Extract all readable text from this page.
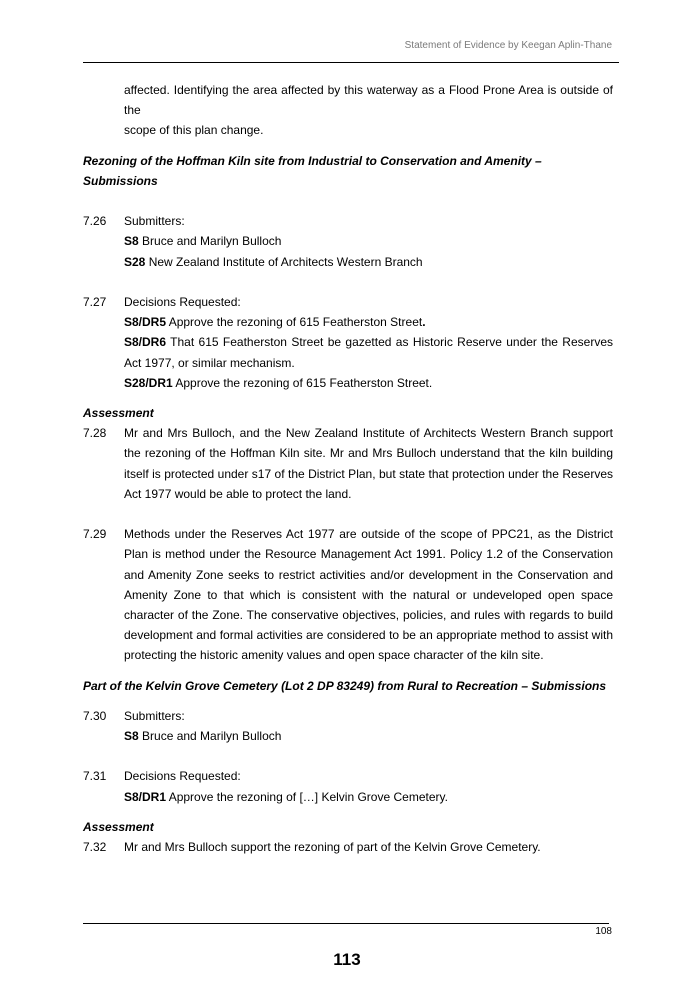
Statement of Evidence by Keegan Aplin-Thane

affected. Identifying the area affected by this waterway as a Flood Prone Area is outside of the

scope of this plan change.

Rezoning of the Hoffman Kiln site from Industrial to Conservation and Amenity – Submissions

7.26	Submitters:
S8 Bruce and Marilyn Bulloch
S28 New Zealand Institute of Architects Western Branch
7.27	Decisions Requested:
S8/DR5 Approve the rezoning of 615 Featherston Street.
S8/DR6 That 615 Featherston Street be gazetted as Historic Reserve under the Reserves Act 1977, or similar mechanism.
S28/DR1 Approve the rezoning of 615 Featherston Street.

Assessment

7.28	Mr and Mrs Bulloch, and the New Zealand Institute of Architects Western Branch support the rezoning of the Hoffman Kiln site. Mr and Mrs Bulloch understand that the kiln building itself is protected under s17 of the District Plan, but state that protection under the Reserves Act 1977 would be able to protect the land.
7.29	Methods under the Reserves Act 1977 are outside of the scope of PPC21, as the District Plan is method under the Resource Management Act 1991. Policy 1.2 of the Conservation and Amenity Zone seeks to restrict activities and/or development in the Conservation and Amenity Zone to that which is consistent with the natural or undeveloped open space character of the Zone. The conservative objectives, policies, and rules with regards to build development and formal activities are considered to be an appropriate method to assist with protecting the historic amenity values and open space character of the kiln site.

Part of the Kelvin Grove Cemetery (Lot 2 DP 83249) from Rural to Recreation – Submissions

7.30	Submitters:
S8 Bruce and Marilyn Bulloch
7.31	Decisions Requested:
S8/DR1 Approve the rezoning of […] Kelvin Grove Cemetery.

Assessment

7.32	Mr and Mrs Bulloch support the rezoning of part of the Kelvin Grove Cemetery.
108
113
